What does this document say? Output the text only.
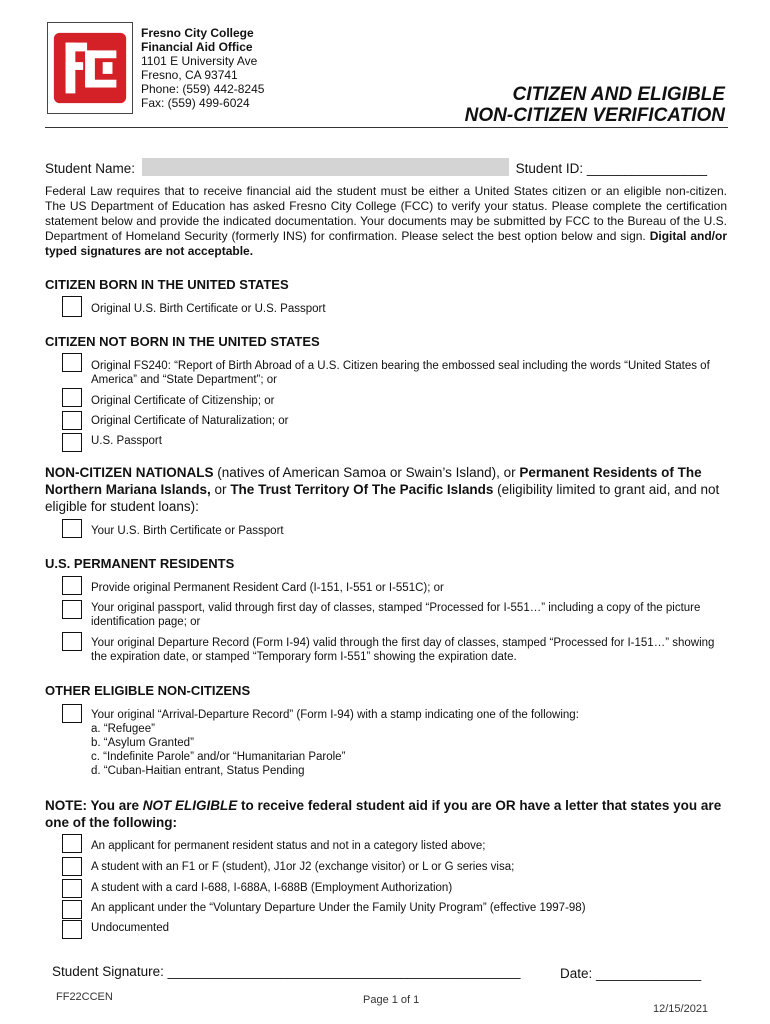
Fresno City College
Financial Aid Office
1101 E University Ave
Fresno, CA 93741
Phone: (559) 442-8245
Fax: (559) 499-6024	CITIZEN AND ELIGIBLE
NON-CITIZEN VERIFICATION
Student Name:	Student ID: ________________
Federal Law requires that to receive financial aid the student must be either a United States citizen or an eligible non-citizen. The US Department of Education has asked Fresno City College (FCC) to verify your status. Please complete the certification statement below and provide the indicated documentation. Your documents may be submitted by FCC to the Bureau of the U.S. Department of Homeland Security (formerly INS) for confirmation. Please select the best option below and sign. Digital and/or typed signatures are not acceptable.
CITIZEN BORN IN THE UNITED STATES
Original U.S. Birth Certificate or U.S. Passport
CITIZEN NOT BORN IN THE UNITED STATES
Original FS240: “Report of Birth Abroad of a U.S. Citizen bearing the embossed seal including the words “United States of America” and “State Department”; or
Original Certificate of Citizenship; or
Original Certificate of Naturalization; or
U.S. Passport
NON-CITIZEN NATIONALS (natives of American Samoa or Swain’s Island), or Permanent Residents of The Northern Mariana Islands, or The Trust Territory Of The Pacific Islands (eligibility limited to grant aid, and not eligible for student loans):
Your U.S. Birth Certificate or Passport
U.S. PERMANENT RESIDENTS
Provide original Permanent Resident Card (I-151, I-551 or I-551C); or
Your original passport, valid through first day of classes, stamped “Processed for I-551…” including a copy of the picture identification page; or
Your original Departure Record (Form I-94) valid through the first day of classes, stamped “Processed for I-151…” showing the expiration date, or stamped “Temporary form I-551” showing the expiration date.
OTHER ELIGIBLE NON-CITIZENS
Your original “Arrival-Departure Record” (Form I-94) with a stamp indicating one of the following:
a. “Refugee”
b. “Asylum Granted”
c. “Indefinite Parole” and/or “Humanitarian Parole”
d. “Cuban-Haitian entrant, Status Pending
NOTE: You are NOT ELIGIBLE to receive federal student aid if you are OR have a letter that states you are one of the following:
An applicant for permanent resident status and not in a category listed above;
A student with an F1 or F (student), J1or J2 (exchange visitor) or L or G series visa;
A student with a card I-688, I-688A, I-688B (Employment Authorization)
An applicant under the “Voluntary Departure Under the Family Unity Program” (effective 1997-98)
Undocumented
Student Signature: _______________________________________________	Date: ______________
FF22CCEN	Page 1 of 1
12/15/2021
